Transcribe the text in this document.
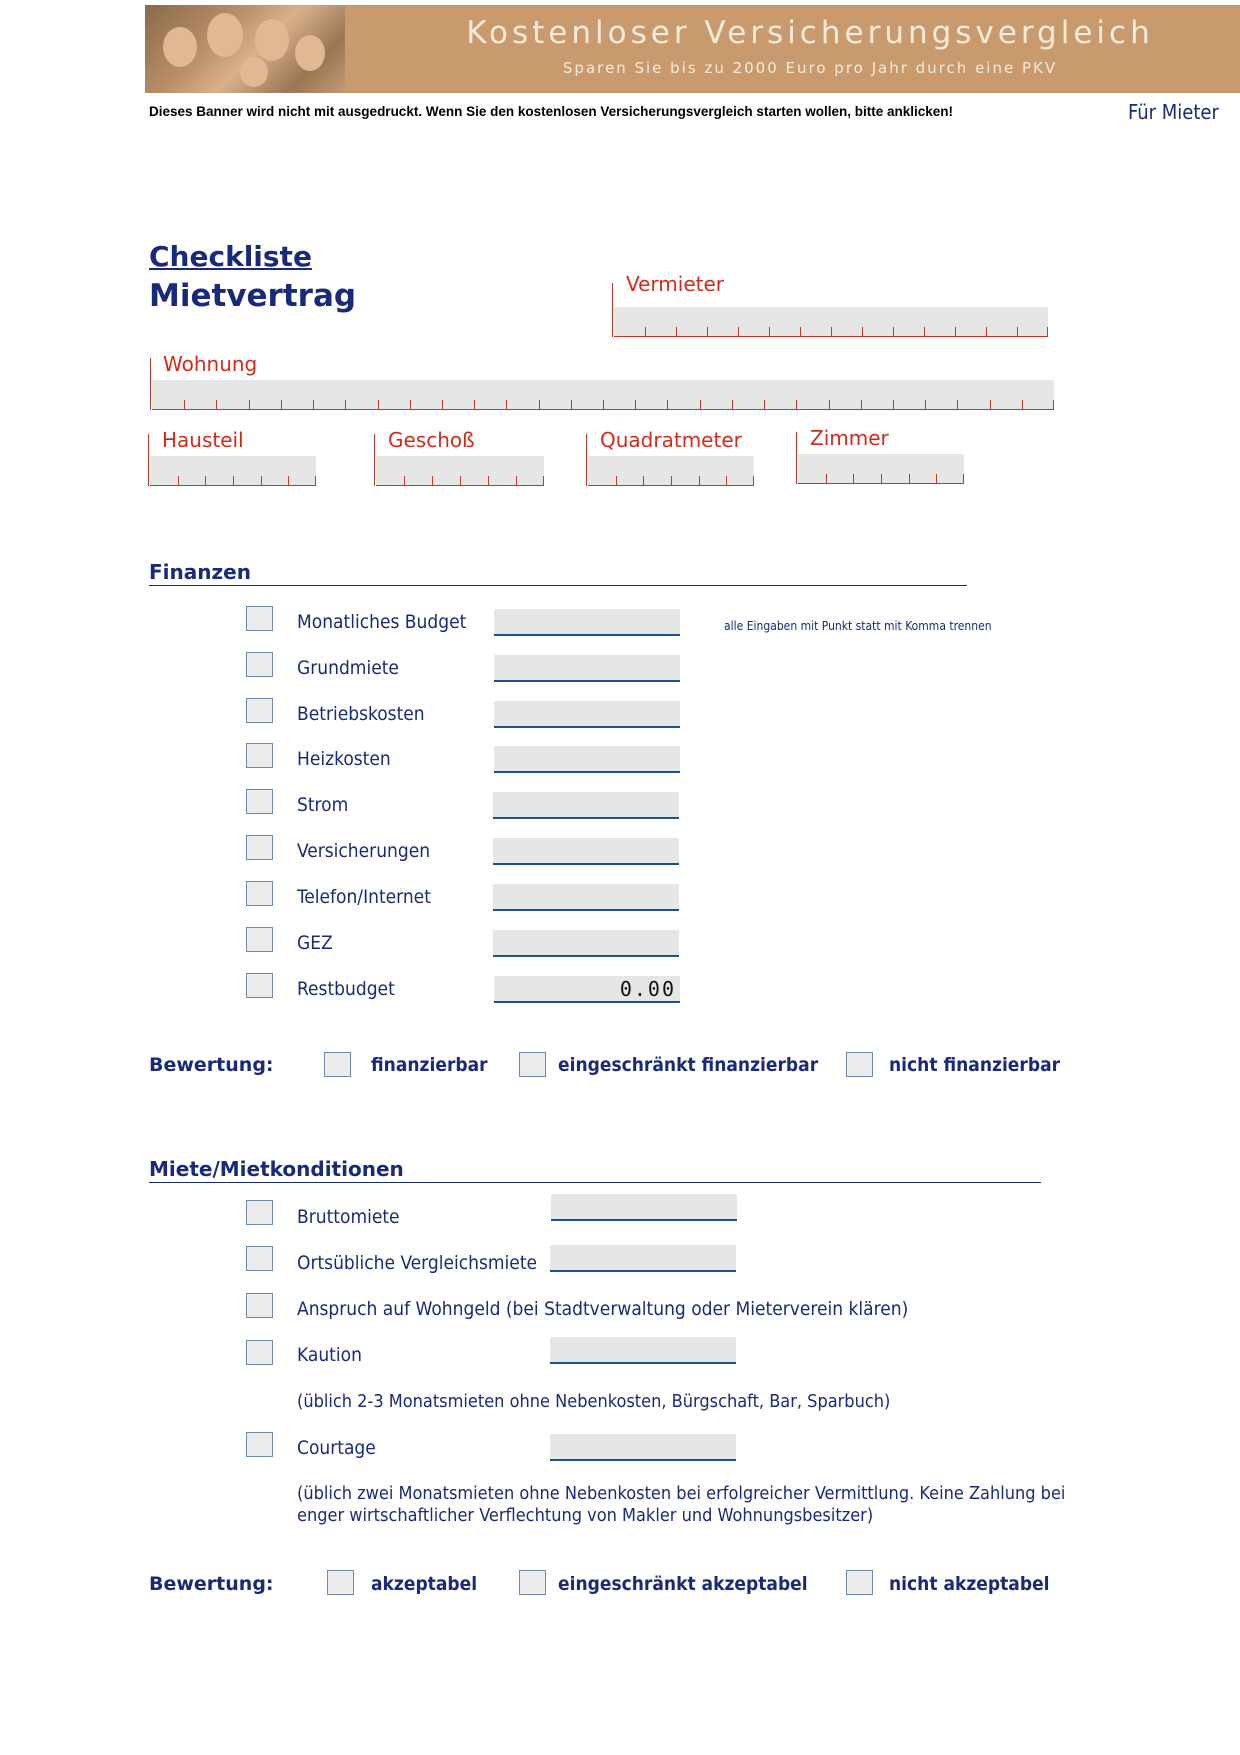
Kostenloser Versicherungsvergleich
Sparen Sie bis zu 2000 Euro pro Jahr durch eine PKV
Dieses Banner wird nicht mit ausgedruckt. Wenn Sie den kostenlosen Versicherungsvergleich starten wollen, bitte anklicken!	Für Mieter
Checkliste
Mietvertrag	Vermieter
Wohnung
Hausteil	Geschoß	Quadratmeter	Zimmer
Finanzen
alle Eingaben mit Punkt statt mit Komma trennen
Monatliches Budget
Grundmiete
Betriebskosten
Heizkosten
Strom
Versicherungen
Telefon/Internet
GEZ
Restbudget	0.00
Bewertung:	finanzierbar	eingeschränkt finanzierbar	nicht finanzierbar
Miete/Mietkonditionen
Bruttomiete
Ortsübliche Vergleichsmiete
Anspruch auf Wohngeld (bei Stadtverwaltung oder Mieterverein klären)
Kaution
(üblich 2-3 Monatsmieten ohne Nebenkosten, Bürgschaft, Bar, Sparbuch)
Courtage
(üblich zwei Monatsmieten ohne Nebenkosten bei erfolgreicher Vermittlung. Keine Zahlung bei enger wirtschaftlicher Verflechtung von Makler und Wohnungsbesitzer)
Bewertung:	akzeptabel	eingeschränkt akzeptabel	nicht akzeptabel
